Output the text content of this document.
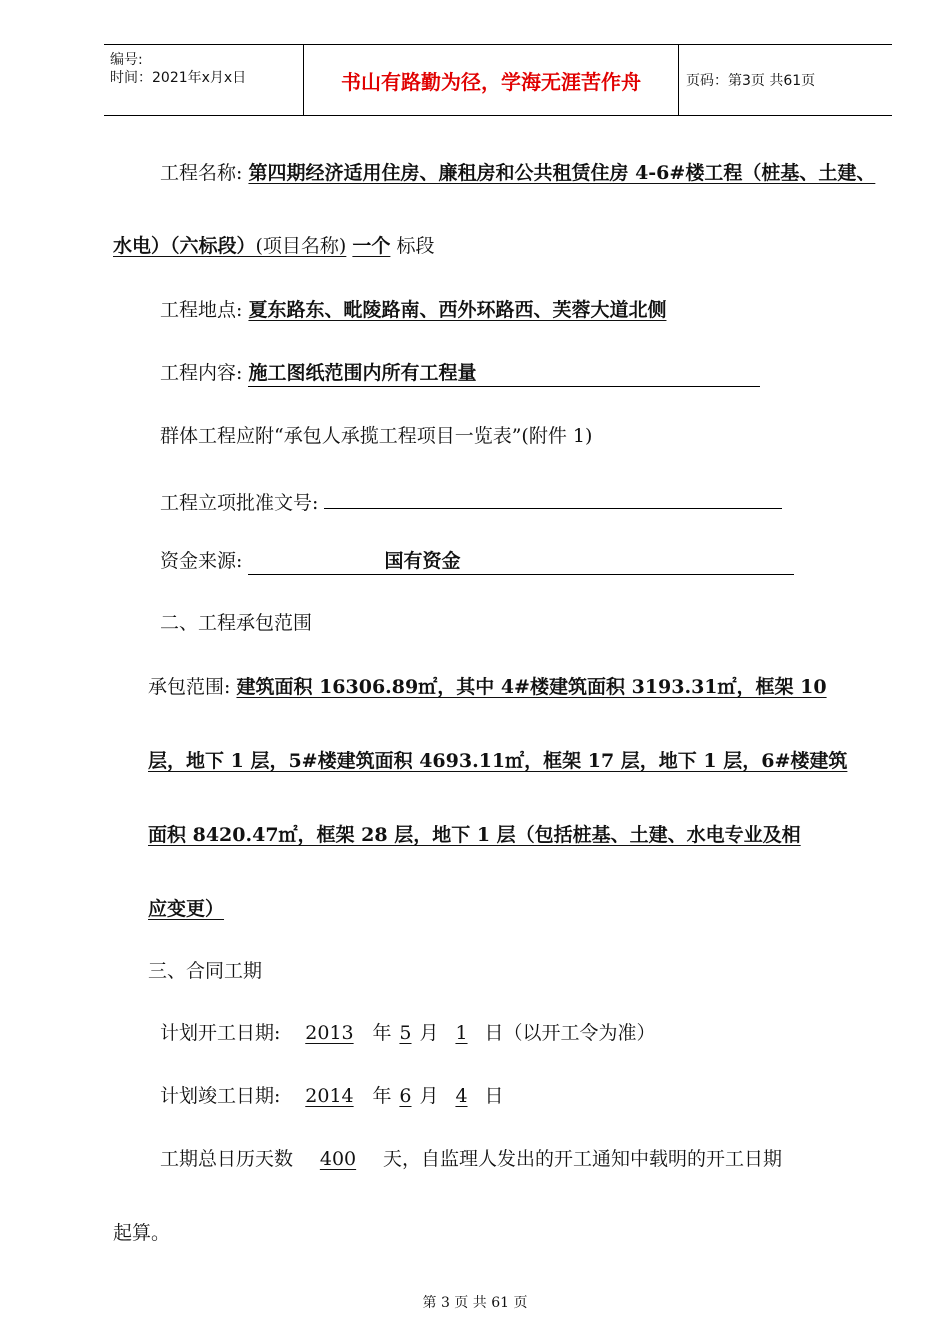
编号:
时间：2021年x月x日	书山有路勤为径，学海无涯苦作舟	页码：第3页 共61页
工程名称: 第四期经济适用住房、廉租房和公共租赁住房 4-6#楼工程（桩基、土建、
水电）（六标段）(项目名称) 一个 标段
工程地点: 夏东路东、毗陵路南、西外环路西、芙蓉大道北侧
工程内容: 施工图纸范围内所有工程量
群体工程应附“承包人承揽工程项目一览表”(附件 1)
工程立项批准文号:
资金来源:	国有资金
二、工程承包范围
承包范围: 建筑面积 16306.89㎡，其中 4#楼建筑面积 3193.31㎡，框架 10
层，地下 1 层，5#楼建筑面积 4693.11㎡，框架 17 层，地下 1 层，6#楼建筑
面积 8420.47㎡，框架 28 层，地下 1 层（包括桩基、土建、水电专业及相
应变更）
三、合同工期
计划开工日期: 2013 年 5 月 1 日（以开工令为准）
计划竣工日期: 2014 年 6 月 4 日
工期总日历天数 400 天，自监理人发出的开工通知中载明的开工日期
起算。
第 3 页 共 61 页
